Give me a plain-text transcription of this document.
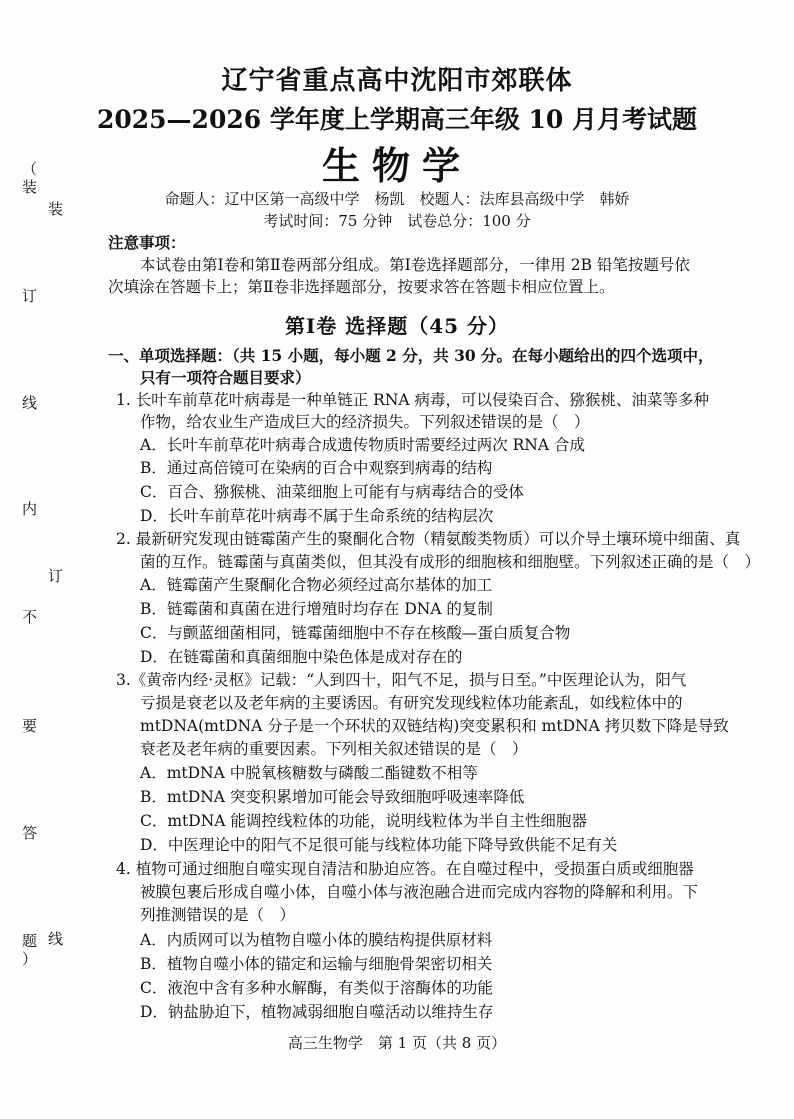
（
装
订
线
内
不
要
答
题
）
装
订
线
辽宁省重点高中沈阳市郊联体
2025—2026 学年度上学期高三年级 10 月月考试题
生物学
命题人：辽中区第一高级中学　杨凯　校题人：法库县高级中学　韩娇
考试时间：75 分钟　试卷总分：100 分
注意事项：
本试卷由第Ⅰ卷和第Ⅱ卷两部分组成。第Ⅰ卷选择题部分，一律用 2B 铅笔按题号依
次填涂在答题卡上；第Ⅱ卷非选择题部分，按要求答在答题卡相应位置上。
第Ⅰ卷 选择题（45 分）
一、单项选择题：（共 15 小题，每小题 2 分，共 30 分。在每小题给出的四个选项中，
只有一项符合题目要求）
1. 长叶车前草花叶病毒是一种单链正 RNA 病毒，可以侵染百合、猕猴桃、油菜等多种
作物，给农业生产造成巨大的经济损失。下列叙述错误的是（　）
A．长叶车前草花叶病毒合成遗传物质时需要经过两次 RNA 合成
B．通过高倍镜可在染病的百合中观察到病毒的结构
C．百合、猕猴桃、油菜细胞上可能有与病毒结合的受体
D．长叶车前草花叶病毒不属于生命系统的结构层次
2. 最新研究发现由链霉菌产生的聚酮化合物（精氨酸类物质）可以介导土壤环境中细菌、真
菌的互作。链霉菌与真菌类似，但其没有成形的细胞核和细胞壁。下列叙述正确的是（　）
A．链霉菌产生聚酮化合物必须经过高尔基体的加工
B．链霉菌和真菌在进行增殖时均存在 DNA 的复制
C．与颤蓝细菌相同，链霉菌细胞中不存在核酸—蛋白质复合物
D．在链霉菌和真菌细胞中染色体是成对存在的
3.《黄帝内经·灵枢》记载：“人到四十，阳气不足，损与日至。”中医理论认为，阳气
亏损是衰老以及老年病的主要诱因。有研究发现线粒体功能紊乱，如线粒体中的
mtDNA(mtDNA 分子是一个环状的双链结构)突变累积和 mtDNA 拷贝数下降是导致
衰老及老年病的重要因素。下列相关叙述错误的是（　）
A．mtDNA 中脱氧核糖数与磷酸二酯键数不相等
B．mtDNA 突变积累增加可能会导致细胞呼吸速率降低
C．mtDNA 能调控线粒体的功能，说明线粒体为半自主性细胞器
D．中医理论中的阳气不足很可能与线粒体功能下降导致供能不足有关
4. 植物可通过细胞自噬实现自清洁和胁迫应答。在自噬过程中，受损蛋白质或细胞器
被膜包裹后形成自噬小体，自噬小体与液泡融合进而完成内容物的降解和利用。下
列推测错误的是（　）
A．内质网可以为植物自噬小体的膜结构提供原材料
B．植物自噬小体的锚定和运输与细胞骨架密切相关
C．液泡中含有多种水解酶，有类似于溶酶体的功能
D．钠盐胁迫下，植物减弱细胞自噬活动以维持生存
高三生物学　第 1 页（共 8 页）
